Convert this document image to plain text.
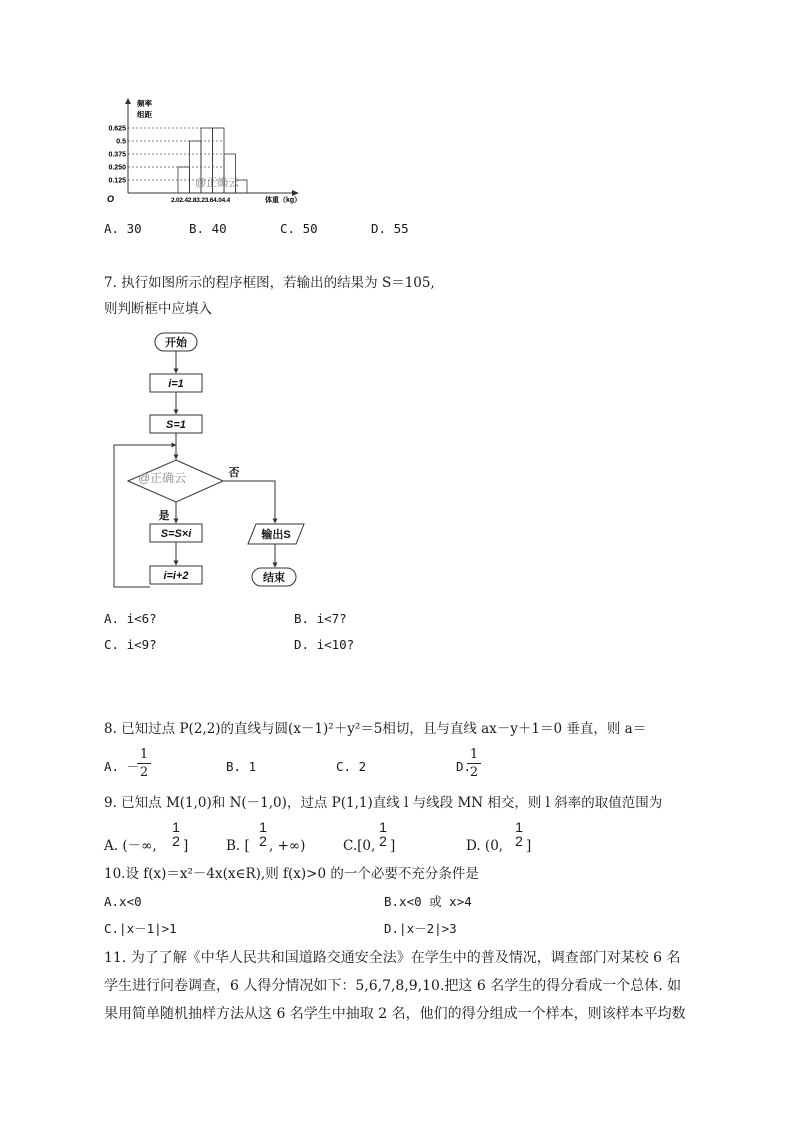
0.625
0.5
0.375
0.250
0.125
2.02.42.83.23.64.04.4
频率
组距
O	体重（kg）
@正确云
A. 30	B. 40	C. 50	D. 55
7. 执行如图所示的程序框图，若输出的结果为 S＝105,
则判断框中应填入
开始
i=1
S=1
S=S×i
i=i+2
输出S
结束
否
是
@正确云
A. i<6?	B. i<7?
C. i<9?	D. i<10?
8. 已知过点 P(2,2)的直线与圆(x－1)²＋y²＝5相切，且与直线 ax－y＋1＝0 垂直，则 a＝
A. －
1
2	B. 1	C. 2	D.
1
2
9. 已知点 M(1,0)和 N(－1,0)，过点 P(1,1)直线 l 与线段 MN 相交，则 l 斜率的取值范围为
A. (－∞,
1
2 ]	B. [
1
2 , +∞)	C.[0,
1
2 ]	D. (0,
1
2 ]
10.设 f(x)＝x²－4x(x∈R),则 f(x)>0 的一个必要不充分条件是
A.x<0	B.x<0 或 x>4
C.|x－1|>1	D.|x－2|>3
11. 为了了解《中华人民共和国道路交通安全法》在学生中的普及情况，调查部门对某校 6 名
学生进行问卷调查，6 人得分情况如下：5,6,7,8,9,10.把这 6 名学生的得分看成一个总体. 如
果用简单随机抽样方法从这 6 名学生中抽取 2 名，他们的得分组成一个样本，则该样本平均数
